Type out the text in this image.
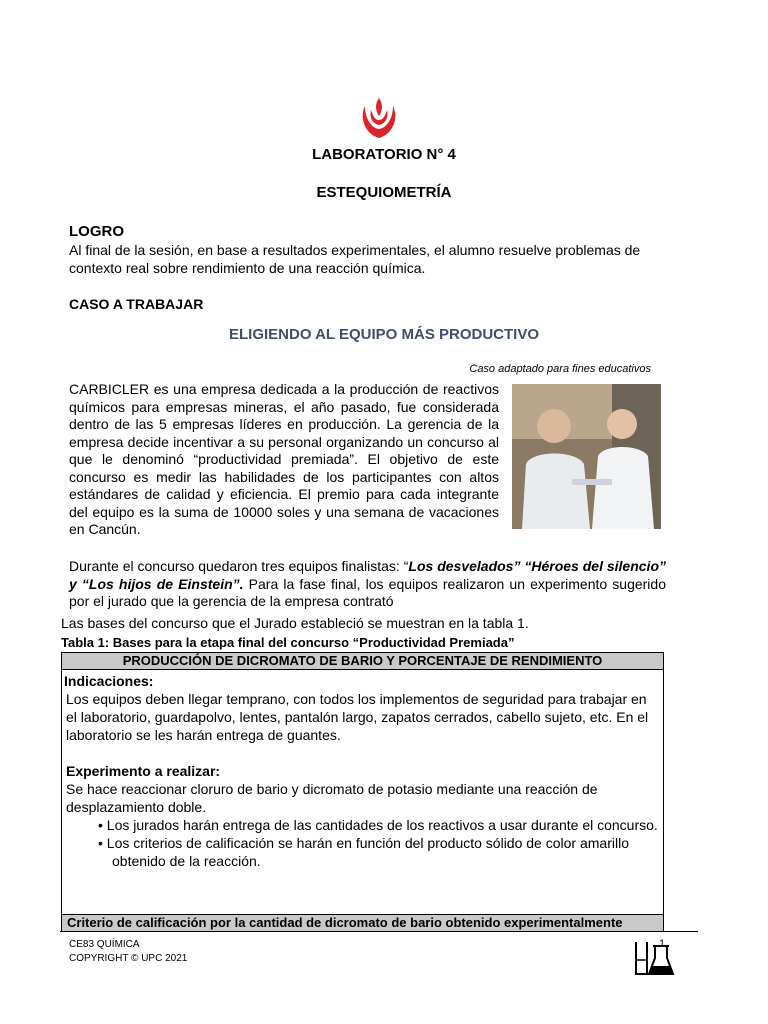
LABORATORIO N° 4
ESTEQUIOMETRÍA
LOGRO
Al final de la sesión, en base a resultados experimentales, el alumno resuelve problemas de contexto real sobre rendimiento de una reacción química.
CASO A TRABAJAR
ELIGIENDO AL EQUIPO MÁS PRODUCTIVO
Caso adaptado para fines educativos
CARBICLER es una empresa dedicada a la producción de reactivos químicos para empresas mineras, el año pasado, fue considerada dentro de las 5 empresas líderes en producción. La gerencia de la empresa decide incentivar a su personal organizando un concurso al que le denominó “productividad premiada”. El objetivo de este concurso es medir las habilidades de los participantes con altos estándares de calidad y eficiencia. El premio para cada integrante del equipo es la suma de 10000 soles y una semana de vacaciones en Cancún.
Durante el concurso quedaron tres equipos finalistas: “Los desvelados” “Héroes del silencio” y “Los hijos de Einstein”. Para la fase final, los equipos realizaron un experimento sugerido por el jurado que la gerencia de la empresa contrató
Las bases del concurso que el Jurado estableció se muestran en la tabla 1.
Tabla 1: Bases para la etapa final del concurso “Productividad Premiada”
PRODUCCIÓN DE DICROMATO DE BARIO Y PORCENTAJE DE RENDIMIENTO
Indicaciones:
Los equipos deben llegar temprano, con todos los implementos de seguridad para trabajar en el laboratorio, guardapolvo, lentes, pantalón largo, zapatos cerrados, cabello sujeto, etc. En el laboratorio se les harán entrega de guantes.
Experimento a realizar:
Se hace reaccionar cloruro de bario y dicromato de potasio mediante una reacción de desplazamiento doble.
• Los jurados harán entrega de las cantidades de los reactivos a usar durante el concurso.
• Los criterios de calificación se harán en función del producto sólido de color amarillo obtenido de la reacción.
Criterio de calificación por la cantidad de dicromato de bario obtenido experimentalmente
CE83 QUÍMICA
COPYRIGHT © UPC 2021
1
